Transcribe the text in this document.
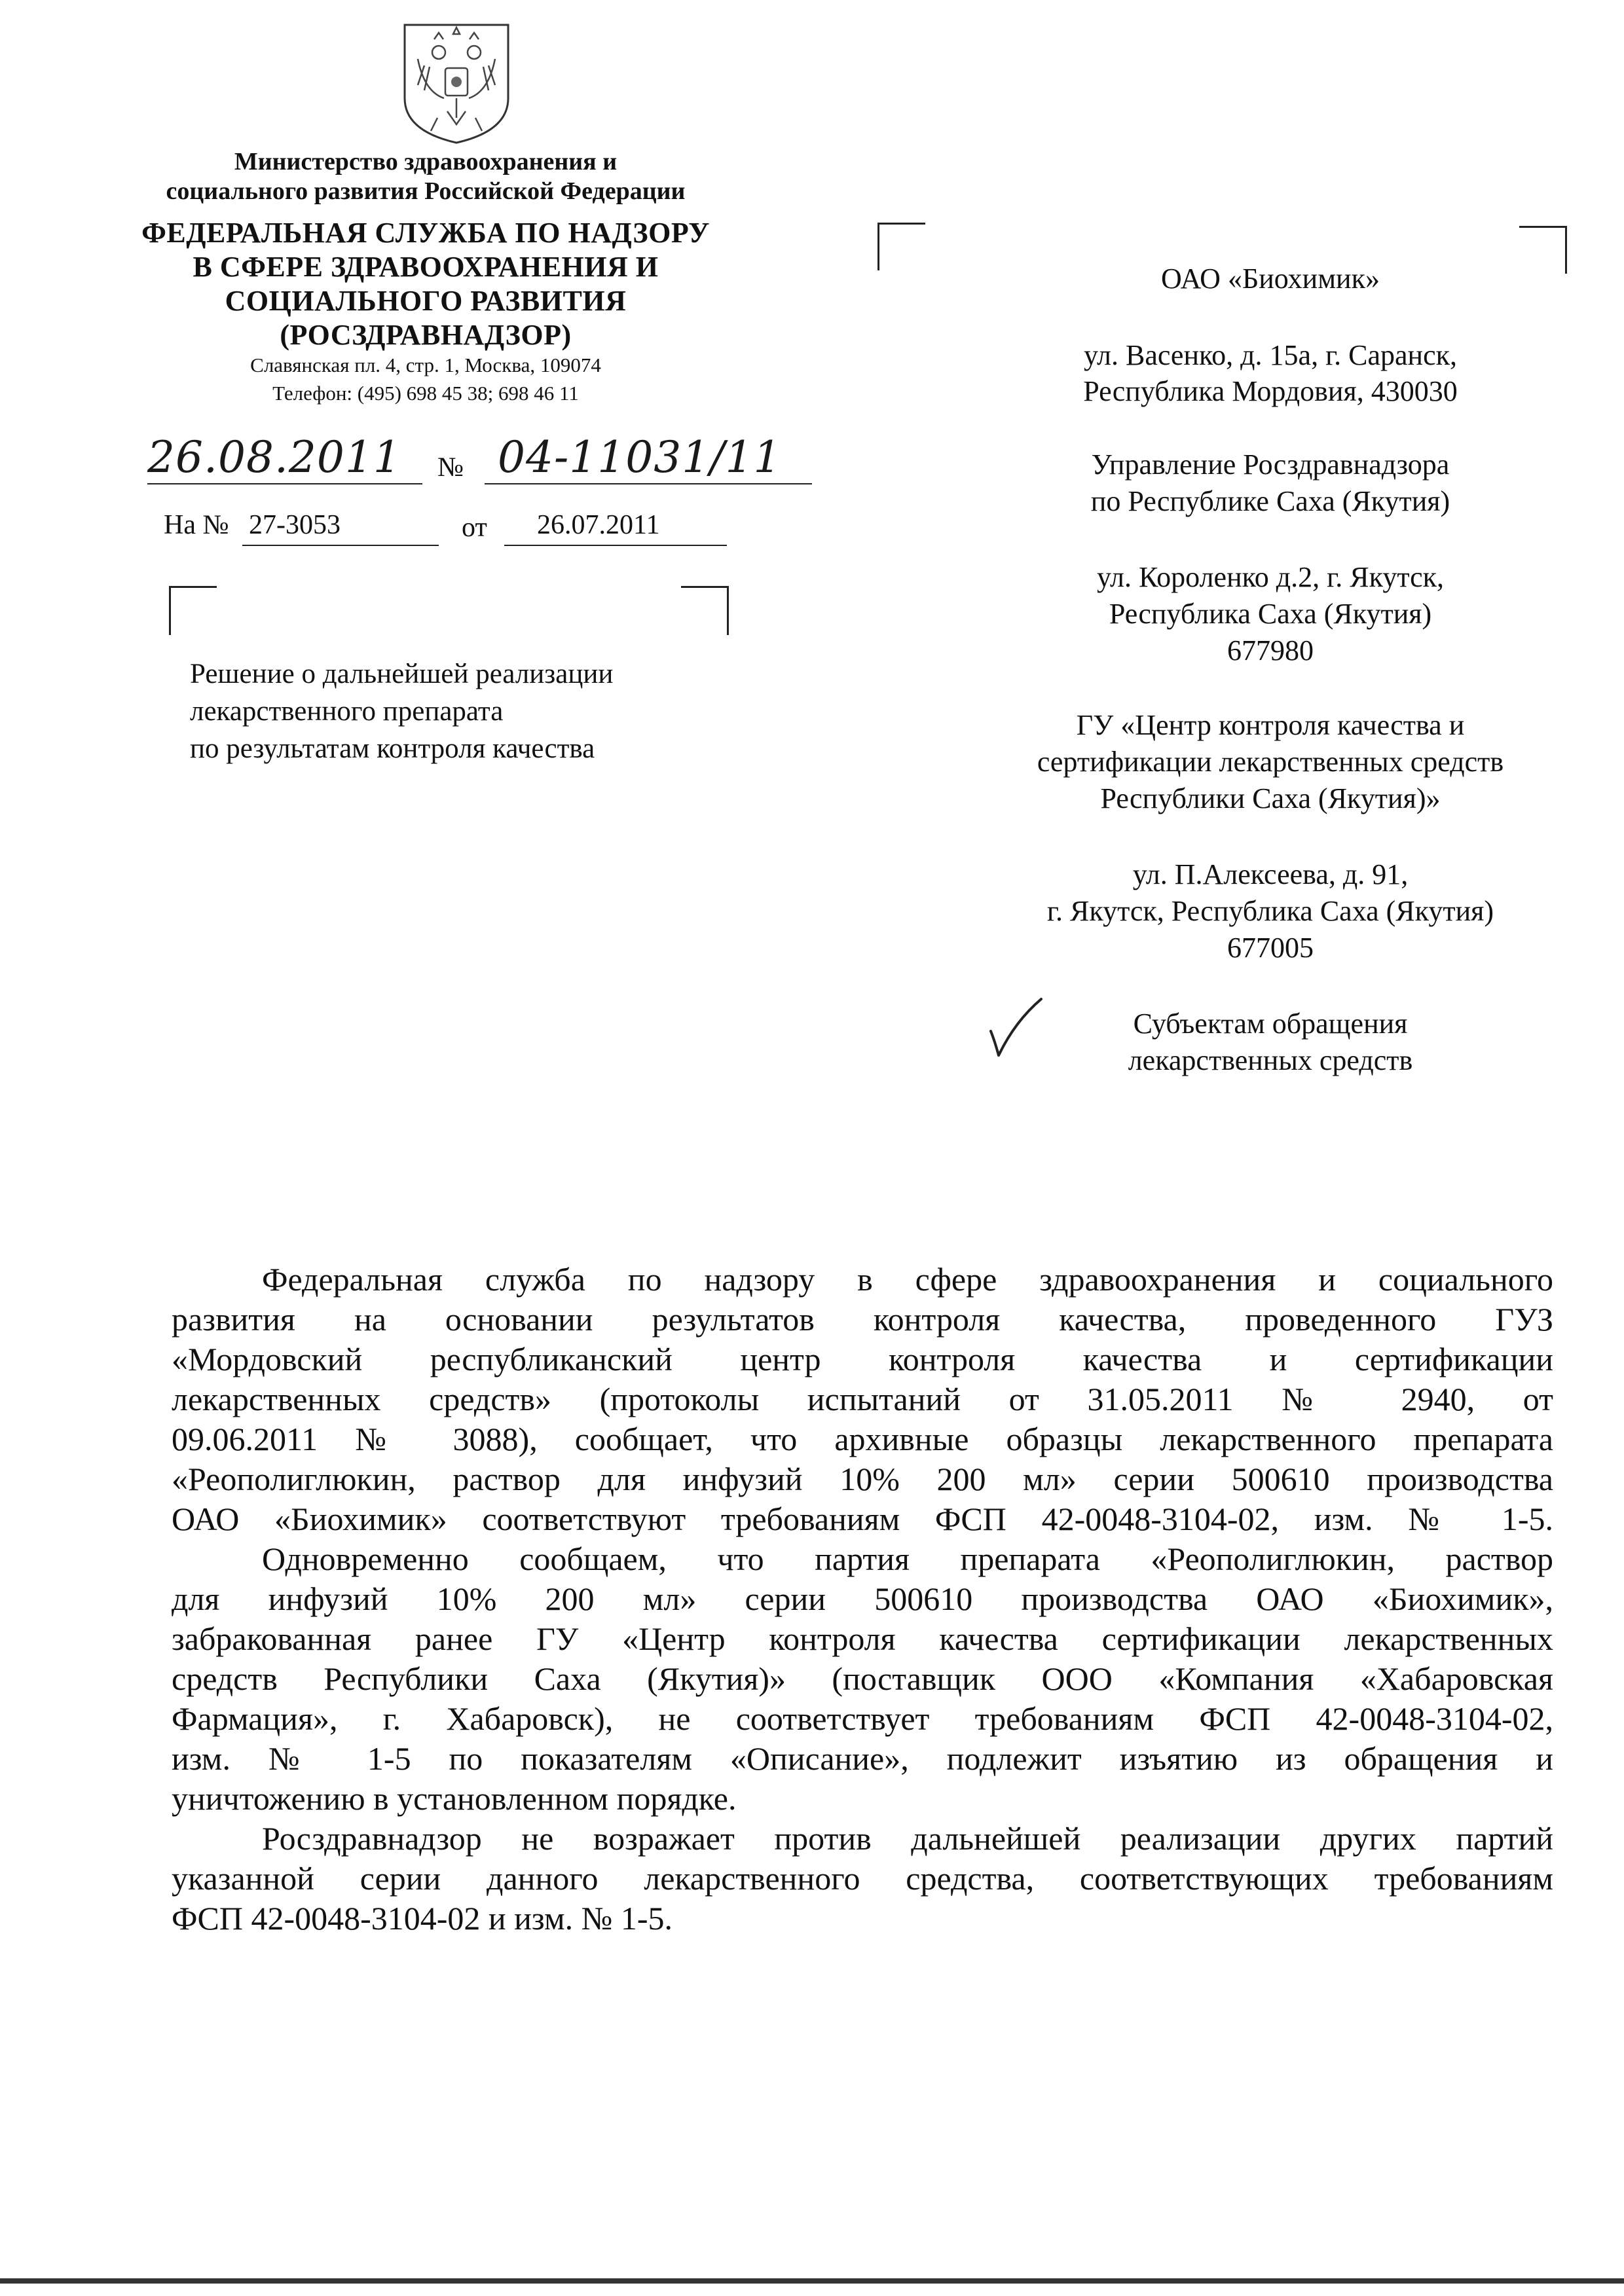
Министерство здравоохранения и
социального развития Российской Федерации
ФЕДЕРАЛЬНАЯ СЛУЖБА ПО НАДЗОРУ
В СФЕРЕ ЗДРАВООХРАНЕНИЯ И
СОЦИАЛЬНОГО РАЗВИТИЯ
(РОСЗДРАВНАДЗОР)
Славянская пл. 4, стр. 1, Москва, 109074
Телефон: (495) 698 45 38; 698 46 11
26.08.2011 № 04-11031/11
На № 27-3053	от 26.07.2011
Решение о дальнейшей реализации
лекарственного препарата
по результатам контроля качества
ОАО «Биохимик»
ул. Васенко, д. 15а, г. Саранск,
Республика Мордовия, 430030
Управление Росздравнадзора
по Республике Саха (Якутия)
ул. Короленко д.2, г. Якутск,
Республика Саха (Якутия)
677980
ГУ «Центр контроля качества и
сертификации лекарственных средств
Республики Саха (Якутия)»
ул. П.Алексеева, д. 91,
г. Якутск, Республика Саха (Якутия)
677005
Субъектам обращения
лекарственных средств
Федеральная служба по надзору в сфере здравоохранения и социального
развития на основании результатов контроля качества, проведенного ГУЗ
«Мордовский республиканский центр контроля качества и сертификации
лекарственных средств» (протоколы испытаний от 31.05.2011 № 2940, от
09.06.2011 № 3088), сообщает, что архивные образцы лекарственного препарата
«Реополиглюкин, раствор для инфузий 10% 200 мл» серии 500610 производства
ОАО «Биохимик» соответствуют требованиям ФСП 42-0048-3104-02, изм. № 1-5.
Одновременно сообщаем, что партия препарата «Реополиглюкин, раствор
для инфузий 10% 200 мл» серии 500610 производства ОАО «Биохимик»,
забракованная ранее ГУ «Центр контроля качества сертификации лекарственных
средств Республики Саха (Якутия)» (поставщик ООО «Компания «Хабаровская
Фармация», г. Хабаровск), не соответствует требованиям ФСП 42-0048-3104-02,
изм. № 1-5 по показателям «Описание», подлежит изъятию из обращения и
уничтожению в установленном порядке.
Росздравнадзор не возражает против дальнейшей реализации других партий
указанной серии данного лекарственного средства, соответствующих требованиям
ФСП 42-0048-3104-02 и изм. № 1-5.
